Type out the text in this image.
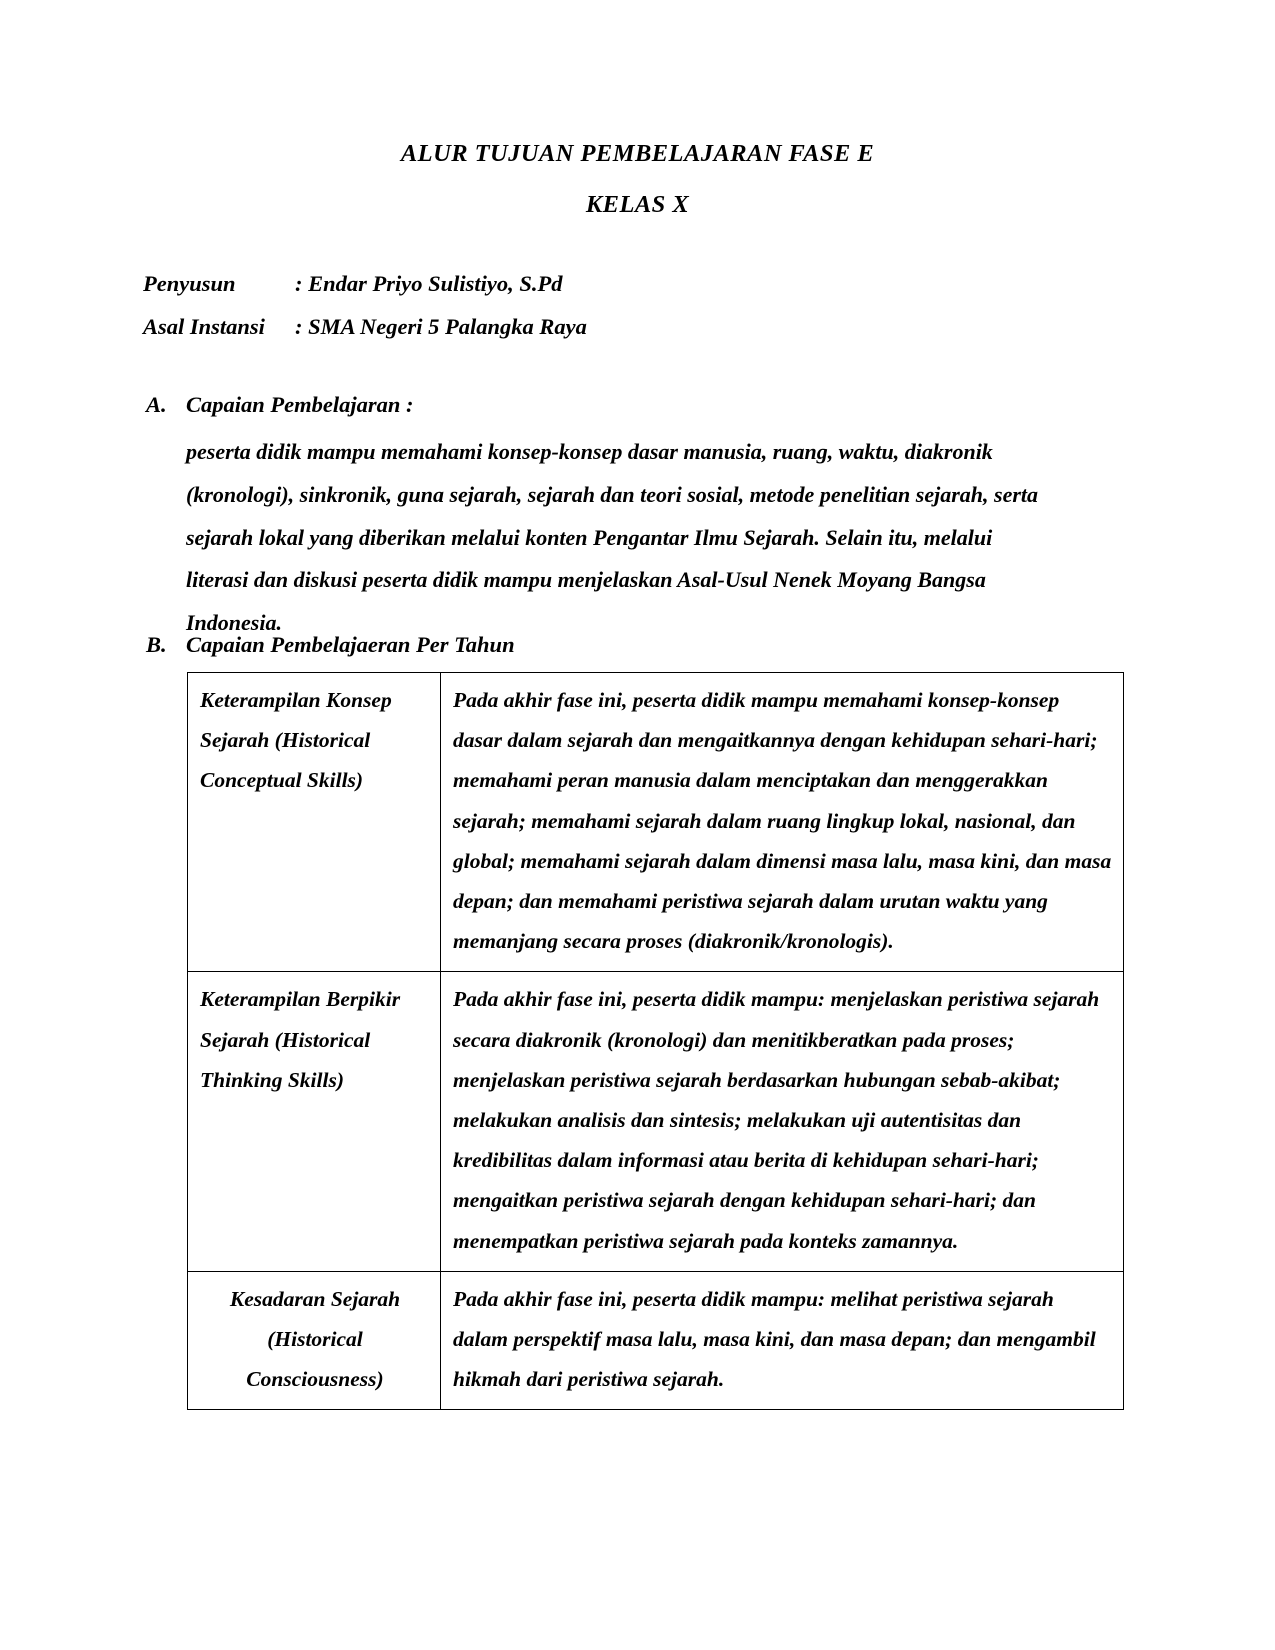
ALUR TUJUAN PEMBELAJARAN FASE E
KELAS X
Penyusun	: Endar Priyo Sulistiyo, S.Pd
Asal Instansi	: SMA Negeri 5 Palangka Raya
A. Capaian Pembelajaran :
peserta didik mampu memahami konsep-konsep dasar manusia, ruang, waktu, diakronik (kronologi), sinkronik, guna sejarah, sejarah dan teori sosial, metode penelitian sejarah, serta sejarah lokal yang diberikan melalui konten Pengantar Ilmu Sejarah. Selain itu, melalui literasi dan diskusi peserta didik mampu menjelaskan Asal-Usul Nenek Moyang Bangsa Indonesia.
B. Capaian Pembelajaeran Per Tahun
Keterampilan Konsep Sejarah (Historical Conceptual Skills)	Pada akhir fase ini, peserta didik mampu memahami konsep-konsep dasar dalam sejarah dan mengaitkannya dengan kehidupan sehari-hari; memahami peran manusia dalam menciptakan dan menggerakkan sejarah; memahami sejarah dalam ruang lingkup lokal, nasional, dan global; memahami sejarah dalam dimensi masa lalu, masa kini, dan masa depan; dan memahami peristiwa sejarah dalam urutan waktu yang memanjang secara proses (diakronik/kronologis).
Keterampilan Berpikir Sejarah (Historical Thinking Skills)	Pada akhir fase ini, peserta didik mampu: menjelaskan peristiwa sejarah secara diakronik (kronologi) dan menitikberatkan pada proses; menjelaskan peristiwa sejarah berdasarkan hubungan sebab-akibat; melakukan analisis dan sintesis; melakukan uji autentisitas dan kredibilitas dalam informasi atau berita di kehidupan sehari-hari; mengaitkan peristiwa sejarah dengan kehidupan sehari-hari; dan menempatkan peristiwa sejarah pada konteks zamannya.
Kesadaran Sejarah (Historical Consciousness)	Pada akhir fase ini, peserta didik mampu: melihat peristiwa sejarah dalam perspektif masa lalu, masa kini, dan masa depan; dan mengambil hikmah dari peristiwa sejarah.
